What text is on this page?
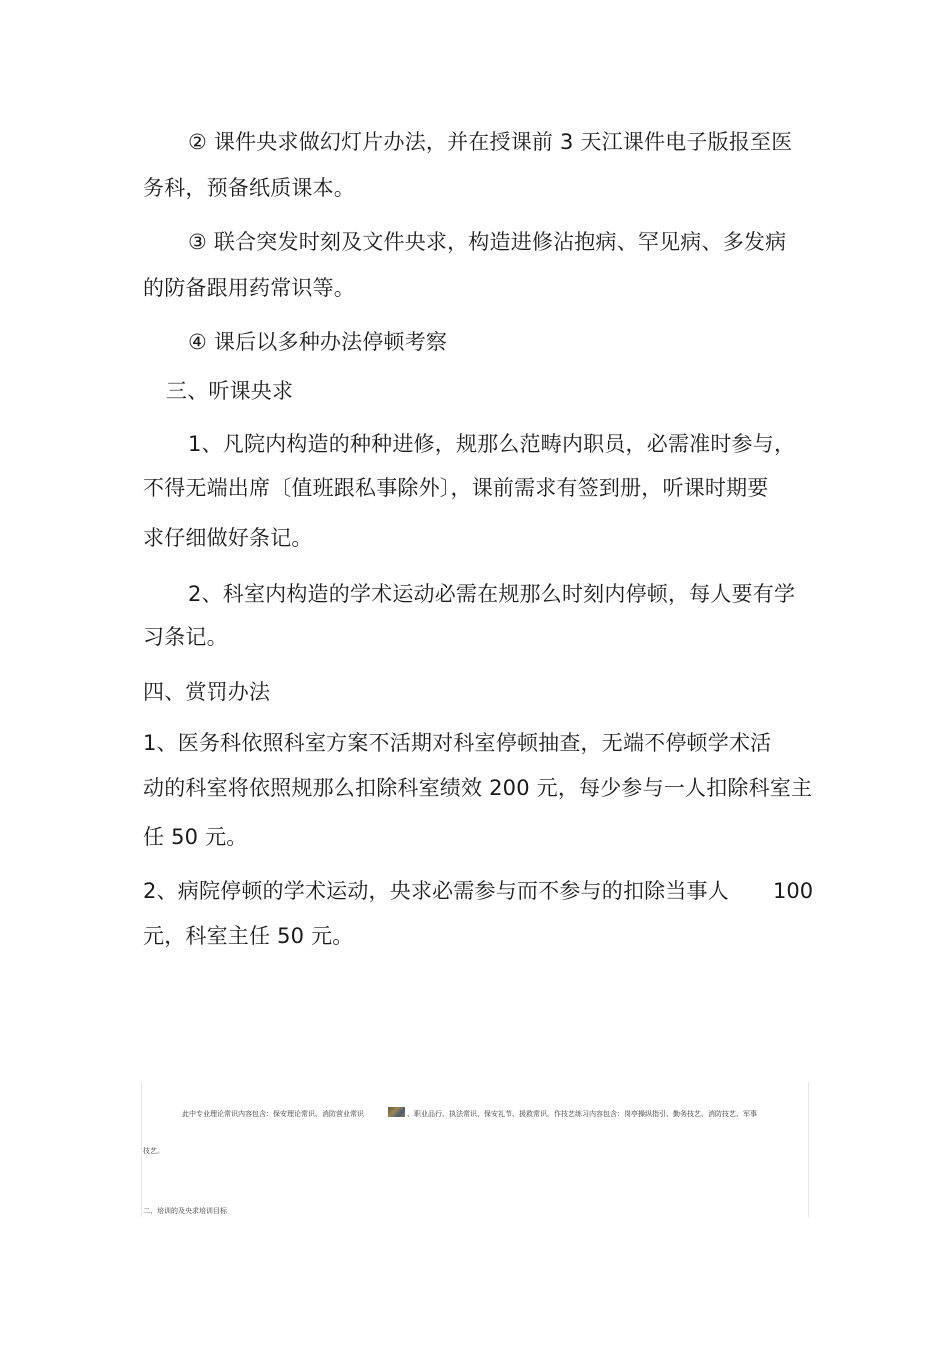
② 课件央求做幻灯片办法，并在授课前 3 天江课件电子版报至医
务科，预备纸质课本。
③ 联合突发时刻及文件央求，构造进修沾抱病、罕见病、多发病
的防备跟用药常识等。
④ 课后以多种办法停顿考察
三、听课央求
1、凡院内构造的种种进修，规那么范畴内职员，必需准时参与，
不得无端出席〔值班跟私事除外〕，课前需求有签到册，听课时期要
求仔细做好条记。
2、科室内构造的学术运动必需在规那么时刻内停顿，每人要有学
习条记。
四、赏罚办法
1、医务科依照科室方案不活期对科室停顿抽查，无端不停顿学术活
动的科室将依照规那么扣除科室绩效 200 元，每少参与一人扣除科室主
任 50 元。
2、病院停顿的学术运动，央求必需参与而不参与的扣除当事人 100
元，科室主任 50 元。
此中专业理论常识内容包含：保安理论常识、消防营业常识	、职业品行、执法常识、保安礼节、援救常识。作技艺练习内容包含：岗亭操纵指引、勤务技艺、消防技艺、军事
技艺。
二、培训的及央求培训目标
